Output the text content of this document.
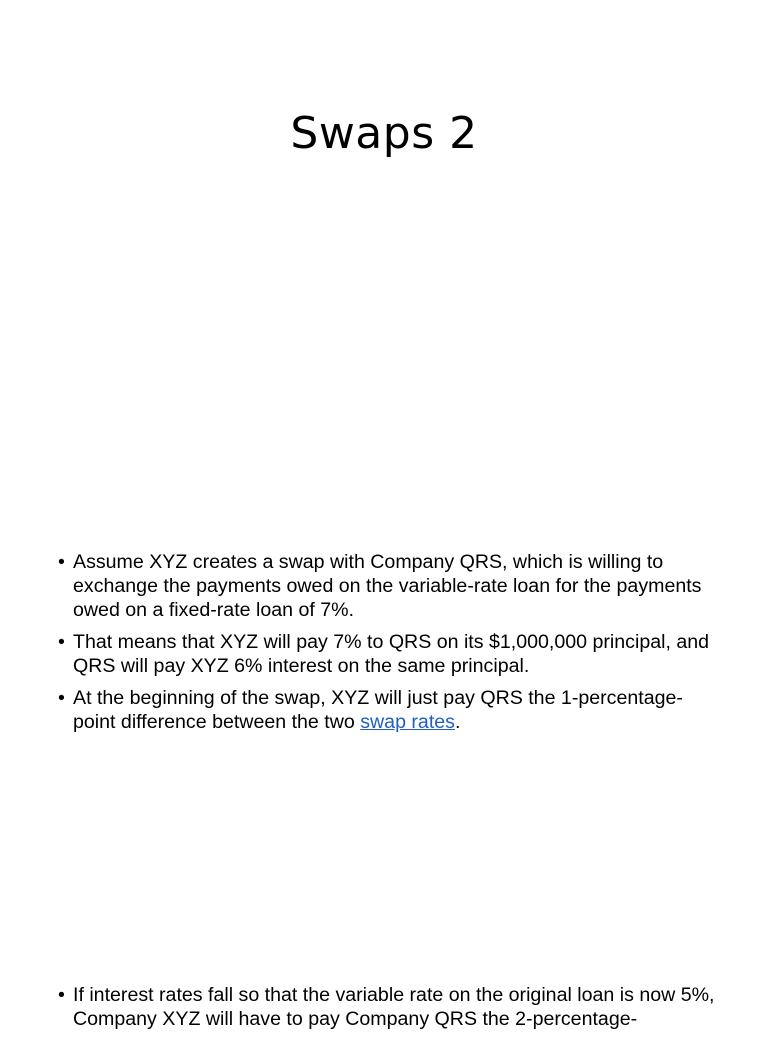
Swaps 2
• Assume XYZ creates a swap with Company QRS, which is willing to exchange the payments owed on the variable-rate loan for the payments owed on a fixed-rate loan of 7%.
• That means that XYZ will pay 7% to QRS on its $1,000,000 principal, and QRS will pay XYZ 6% interest on the same principal.
• At the beginning of the swap, XYZ will just pay QRS the 1-percentage-point difference between the two swap rates.
• If interest rates fall so that the variable rate on the original loan is now 5%, Company XYZ will have to pay Company QRS the 2-percentage-
